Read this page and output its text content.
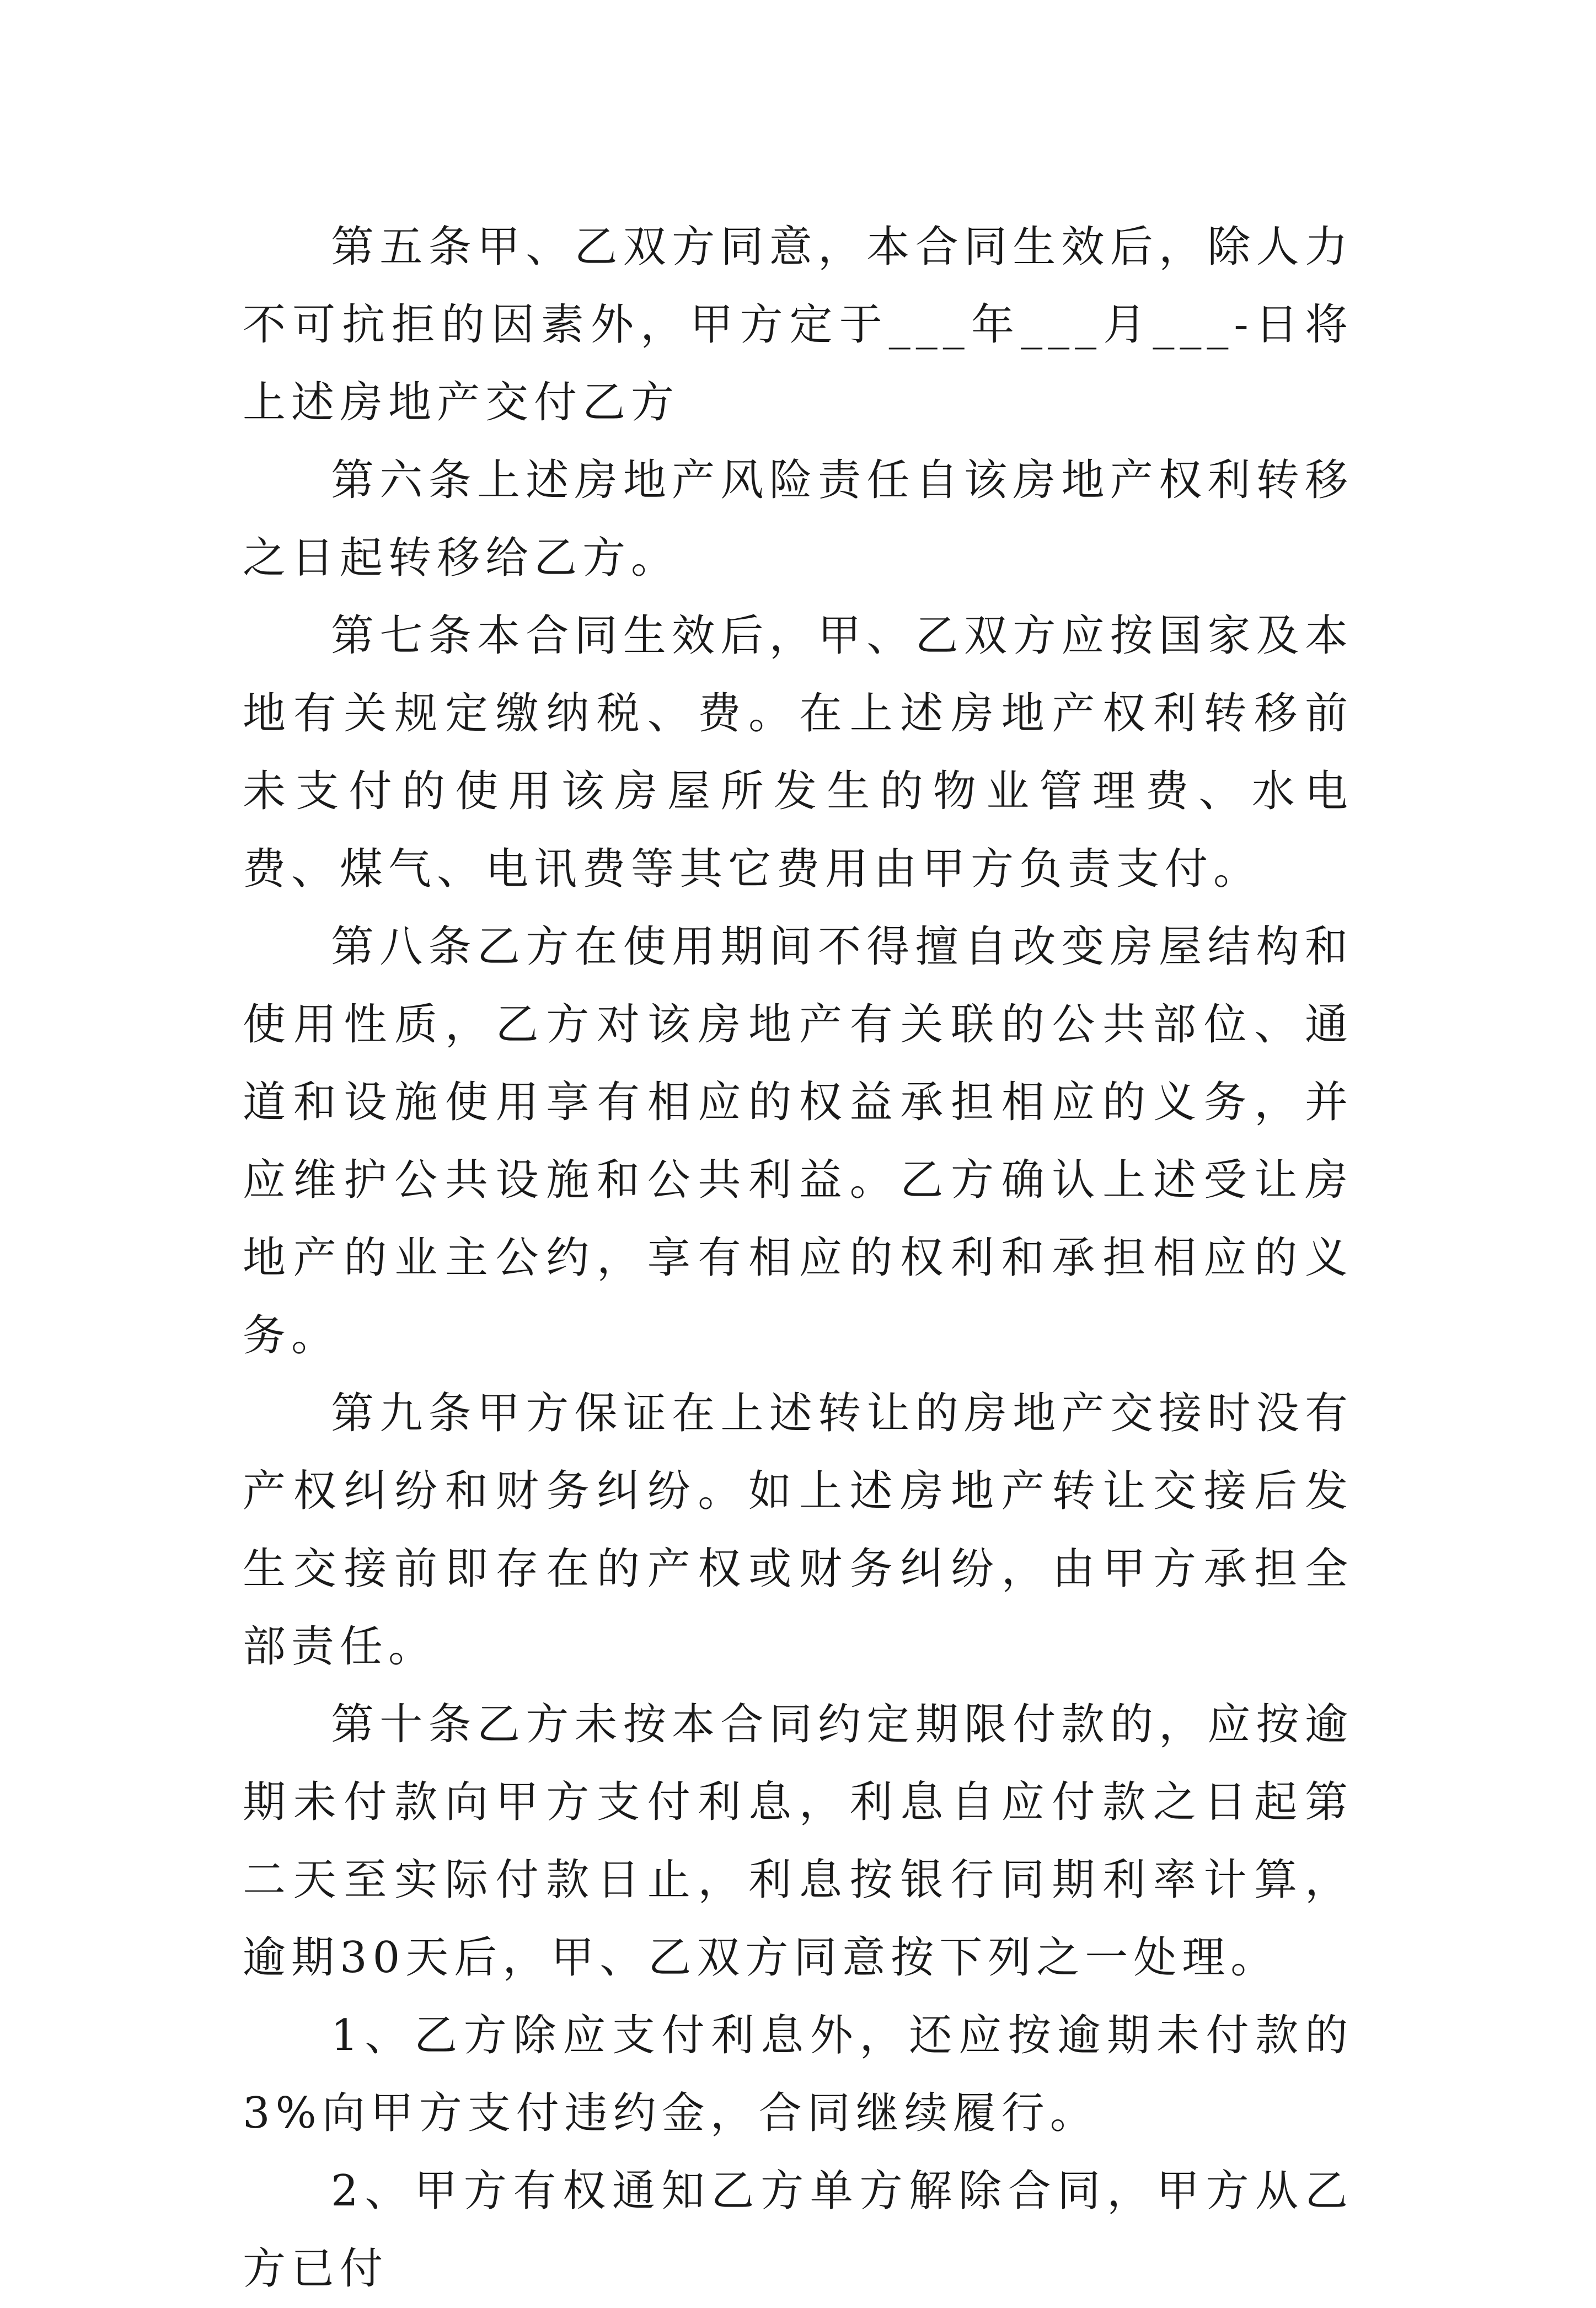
第五条甲、乙双方同意，本合同生效后，除人力不可抗拒的因素外，甲方定于___年___月___-日将上述房地产交付乙方

第六条上述房地产风险责任自该房地产权利转移之日起转移给乙方。

第七条本合同生效后，甲、乙双方应按国家及本地有关规定缴纳税、费。在上述房地产权利转移前未支付的使用该房屋所发生的物业管理费、水电费、煤气、电讯费等其它费用由甲方负责支付。

第八条乙方在使用期间不得擅自改变房屋结构和使用性质，乙方对该房地产有关联的公共部位、通道和设施使用享有相应的权益承担相应的义务，并应维护公共设施和公共利益。乙方确认上述受让房地产的业主公约，享有相应的权利和承担相应的义务。

第九条甲方保证在上述转让的房地产交接时没有产权纠纷和财务纠纷。如上述房地产转让交接后发生交接前即存在的产权或财务纠纷，由甲方承担全部责任。

第十条乙方未按本合同约定期限付款的，应按逾期未付款向甲方支付利息，利息自应付款之日起第二天至实际付款日止，利息按银行同期利率计算，逾期30天后，甲、乙双方同意按下列之一处理。

1、乙方除应支付利息外，还应按逾期未付款的3%向甲方支付违约金，合同继续履行。

2、甲方有权通知乙方单方解除合同，甲方从乙方已付
